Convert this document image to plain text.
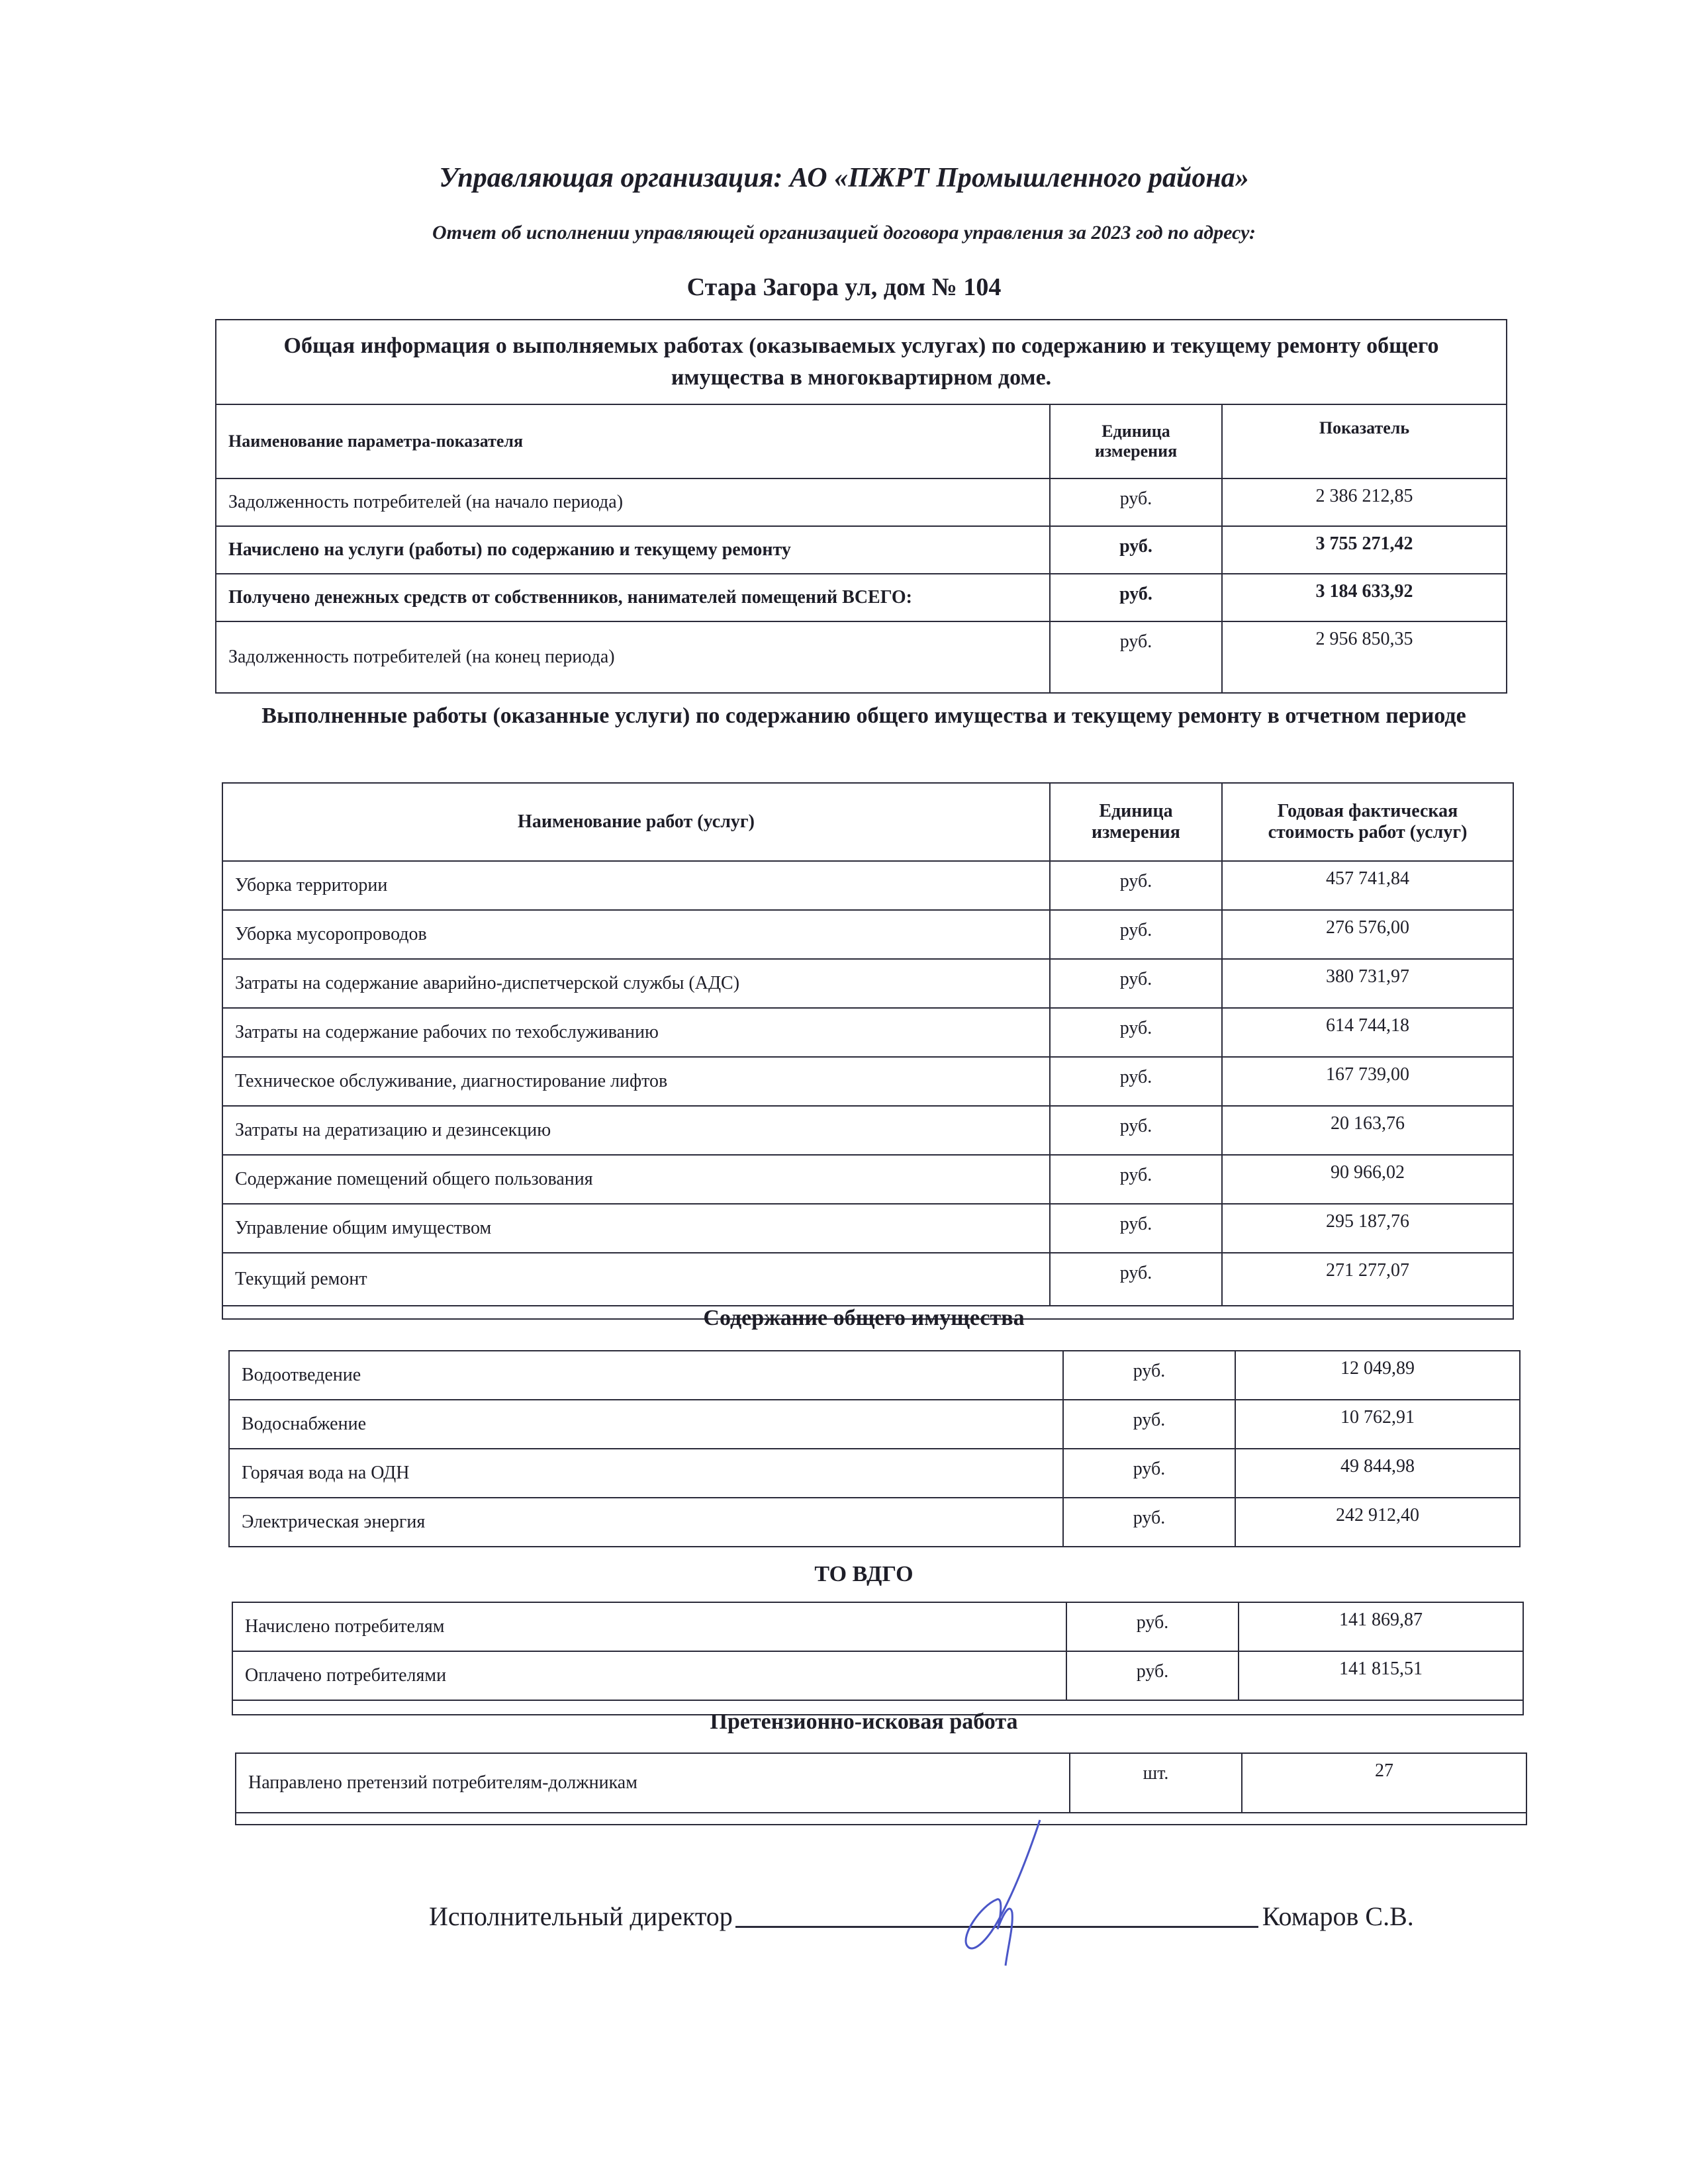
Управляющая организация: АО «ПЖРТ Промышленного района»
Отчет об исполнении управляющей организацией договора управления за 2023 год по адресу:
Стара Загора ул, дом № 104
Общая информация о выполняемых работах (оказываемых услугах) по содержанию и текущему ремонту общего имущества в многоквартирном доме.		
Наименование параметра-показателя	Единица измерения	Показатель
Задолженность потребителей (на начало периода)	руб.	2 386 212,85
Начислено на услуги (работы) по содержанию и текущему ремонту	руб.	3 755 271,42
Получено денежных средств от собственников, нанимателей помещений ВСЕГО:	руб.	3 184 633,92
Задолженность потребителей (на конец периода)	руб.	2 956 850,35
Выполненные работы (оказанные услуги) по содержанию общего имущества и текущему ремонту в отчетном периоде
Наименование работ (услуг)	Единица измерения	Годовая фактическая стоимость работ (услуг)
Уборка территории	руб.	457 741,84
Уборка мусоропроводов	руб.	276 576,00
Затраты на содержание аварийно-диспетчерской службы (АДС)	руб.	380 731,97
Затраты на содержание рабочих по техобслуживанию	руб.	614 744,18
Техническое обслуживание, диагностирование лифтов	руб.	167 739,00
Затраты на дератизацию и дезинсекцию	руб.	20 163,76
Содержание помещений общего пользования	руб.	90 966,02
Управление общим имуществом	руб.	295 187,76
Текущий ремонт	руб.	271 277,07

Содержание общего имущества
Водоотведение	руб.	12 049,89
Водоснабжение	руб.	10 762,91
Горячая вода на ОДН	руб.	49 844,98
Электрическая энергия	руб.	242 912,40
ТО ВДГО
Начислено потребителям	руб.	141 869,87
Оплачено потребителями	руб.	141 815,51

Претензионно-исковая работа
Направлено претензий потребителям-должникам	шт.	27

Исполнительный директор	Комаров С.В.
